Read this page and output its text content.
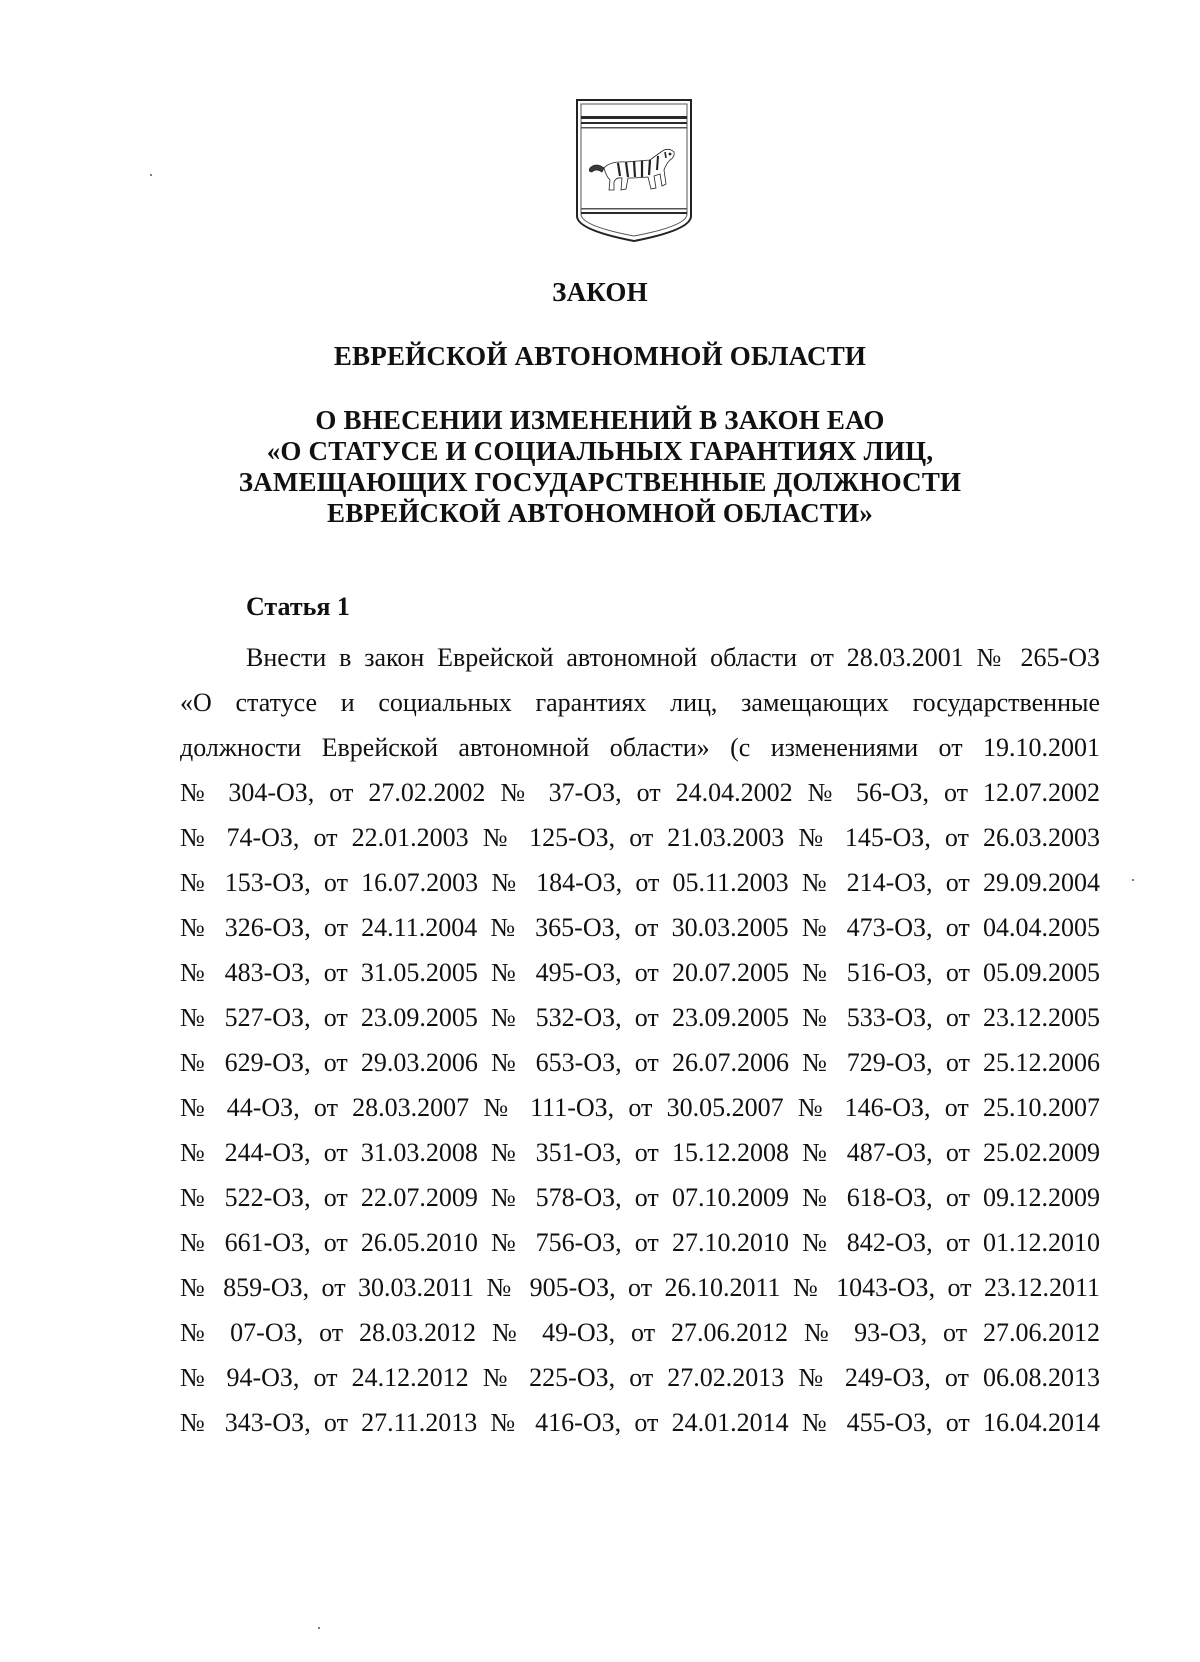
ЗАКОН
ЕВРЕЙСКОЙ АВТОНОМНОЙ ОБЛАСТИ
О ВНЕСЕНИИ ИЗМЕНЕНИЙ В ЗАКОН ЕАО
«О СТАТУСЕ И СОЦИАЛЬНЫХ ГАРАНТИЯХ ЛИЦ,
ЗАМЕЩАЮЩИХ ГОСУДАРСТВЕННЫЕ ДОЛЖНОСТИ
ЕВРЕЙСКОЙ АВТОНОМНОЙ ОБЛАСТИ»
Статья 1
Внести в закон Еврейской автономной области от 28.03.2001 № 265-ОЗ
«О статусе и социальных гарантиях лиц, замещающих государственные
должности Еврейской автономной области» (с изменениями от 19.10.2001
№ 304-ОЗ, от 27.02.2002 № 37-ОЗ, от 24.04.2002 № 56-ОЗ, от 12.07.2002
№ 74-ОЗ, от 22.01.2003 № 125-ОЗ, от 21.03.2003 № 145-ОЗ, от 26.03.2003
№ 153-ОЗ, от 16.07.2003 № 184-ОЗ, от 05.11.2003 № 214-ОЗ, от 29.09.2004
№ 326-ОЗ, от 24.11.2004 № 365-ОЗ, от 30.03.2005 № 473-ОЗ, от 04.04.2005
№ 483-ОЗ, от 31.05.2005 № 495-ОЗ, от 20.07.2005 № 516-ОЗ, от 05.09.2005
№ 527-ОЗ, от 23.09.2005 № 532-ОЗ, от 23.09.2005 № 533-ОЗ, от 23.12.2005
№ 629-ОЗ, от 29.03.2006 № 653-ОЗ, от 26.07.2006 № 729-ОЗ, от 25.12.2006
№ 44-ОЗ, от 28.03.2007 № 111-ОЗ, от 30.05.2007 № 146-ОЗ, от 25.10.2007
№ 244-ОЗ, от 31.03.2008 № 351-ОЗ, от 15.12.2008 № 487-ОЗ, от 25.02.2009
№ 522-ОЗ, от 22.07.2009 № 578-ОЗ, от 07.10.2009 № 618-ОЗ, от 09.12.2009
№ 661-ОЗ, от 26.05.2010 № 756-ОЗ, от 27.10.2010 № 842-ОЗ, от 01.12.2010
№ 859-ОЗ, от 30.03.2011 № 905-ОЗ, от 26.10.2011 № 1043-ОЗ, от 23.12.2011
№ 07-ОЗ, от 28.03.2012 № 49-ОЗ, от 27.06.2012 № 93-ОЗ, от 27.06.2012
№ 94-ОЗ, от 24.12.2012 № 225-ОЗ, от 27.02.2013 № 249-ОЗ, от 06.08.2013
№ 343-ОЗ, от 27.11.2013 № 416-ОЗ, от 24.01.2014 № 455-ОЗ, от 16.04.2014
